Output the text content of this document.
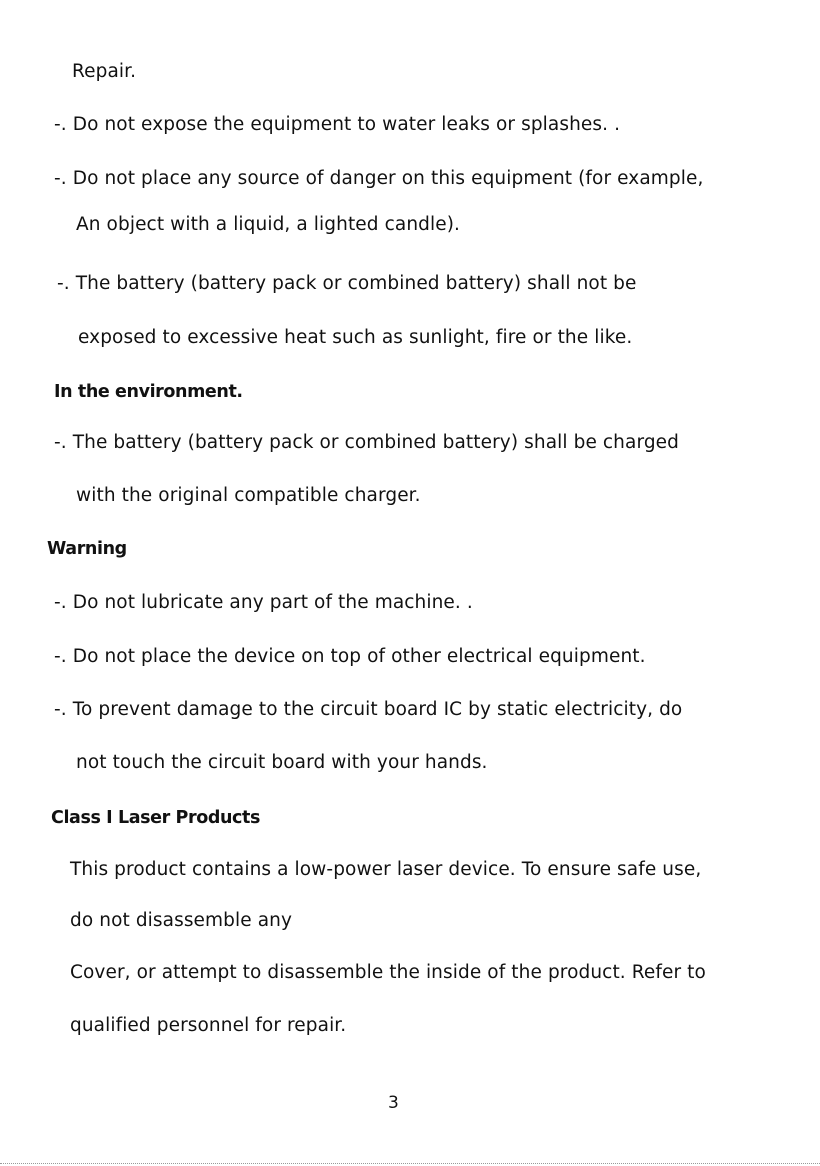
Repair.
-. Do not expose the equipment to water leaks or splashes. .
-. Do not place any source of danger on this equipment (for example,
An object with a liquid, a lighted candle).
-. The battery (battery pack or combined battery) shall not be
exposed to excessive heat such as sunlight, fire or the like.
In the environment.
-. The battery (battery pack or combined battery) shall be charged
with the original compatible charger.
Warning
-. Do not lubricate any part of the machine. .
-. Do not place the device on top of other electrical equipment.
-. To prevent damage to the circuit board IC by static electricity, do
not touch the circuit board with your hands.
Class I Laser Products
This product contains a low-power laser device. To ensure safe use,
do not disassemble any
Cover, or attempt to disassemble the inside of the product. Refer to
qualified personnel for repair.
3
